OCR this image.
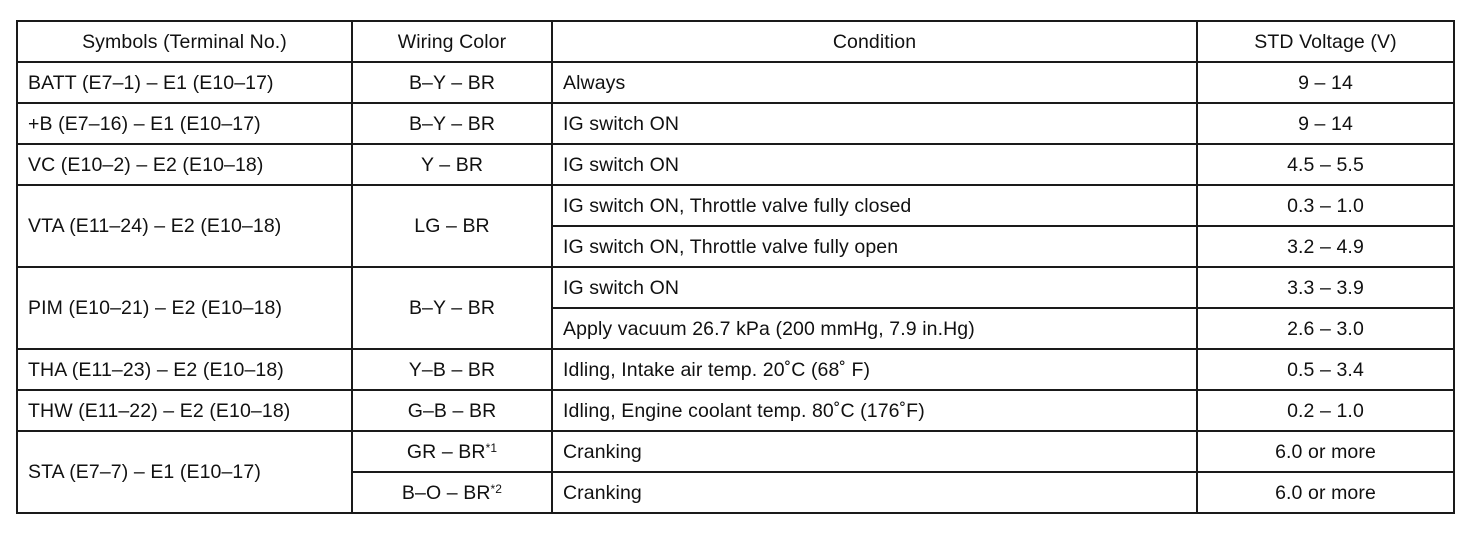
Symbols (Terminal No.)	Wiring Color	Condition	STD Voltage (V)
BATT (E7–1) – E1 (E10–17)	B–Y – BR	Always	9 – 14
+B (E7–16) – E1 (E10–17)	B–Y – BR	IG switch ON	9 – 14
VC (E10–2) – E2 (E10–18)	Y – BR	IG switch ON	4.5 – 5.5
VTA (E11–24) – E2 (E10–18)	LG – BR	IG switch ON, Throttle valve fully closed	0.3 – 1.0
		IG switch ON, Throttle valve fully open	3.2 – 4.9
PIM (E10–21) – E2 (E10–18)	B–Y – BR	IG switch ON	3.3 – 3.9
		Apply vacuum 26.7 kPa (200 mmHg, 7.9 in.Hg)	2.6 – 3.0
THA (E11–23) – E2 (E10–18)	Y–B – BR	Idling, Intake air temp. 20˚C (68˚ F)	0.5 – 3.4
THW (E11–22) – E2 (E10–18)	G–B – BR	Idling, Engine coolant temp. 80˚C (176˚F)	0.2 – 1.0
STA (E7–7) – E1 (E10–17)	GR – BR$^{*1}$	Cranking	6.0 or more
	B–O – BR$^{*2}$	Cranking	6.0 or more
